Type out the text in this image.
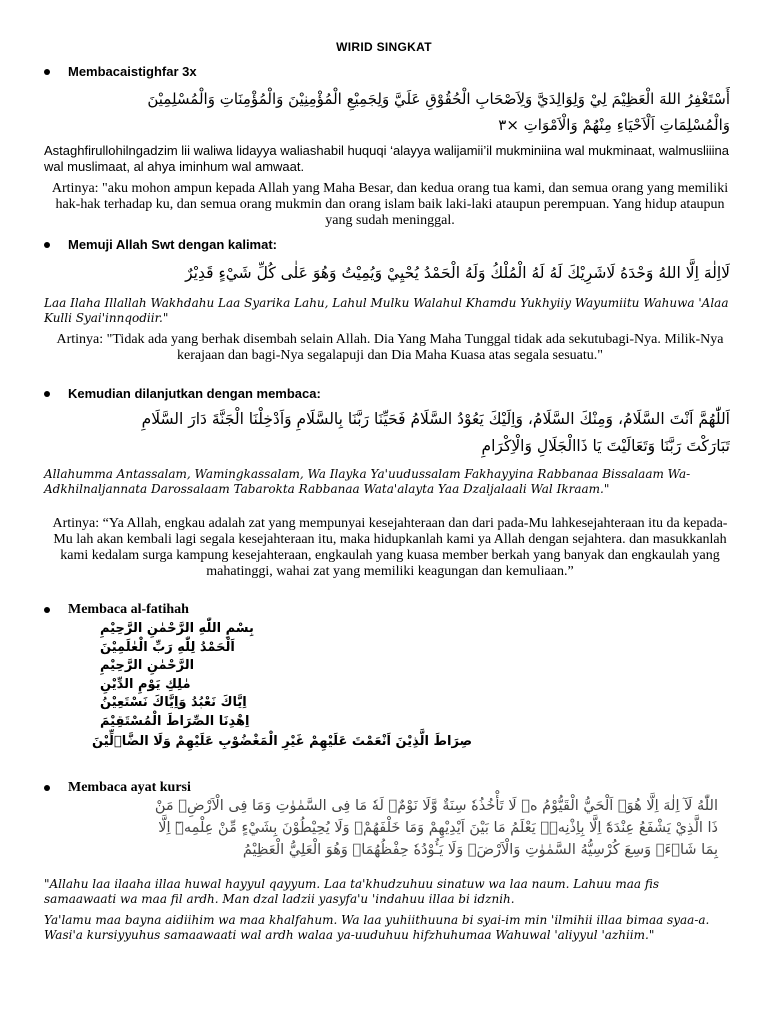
WIRID SINGKAT
Membacaistighfar 3x
أَسْتَغْفِرُ اللهَ الْعَظِيْمَ لِيْ وَلِوَالِدَيَّ وَلِاَصْحَابِ الْحُقُوْقِ عَلَيَّ وَلِجَمِيْعِ الْمُؤْمِنِيْنَ وَالْمُؤْمِنَاتِ وَالْمُسْلِمِيْنَ
وَالْمُسْلِمَاتِ اَلْاَحْيَاءِ مِنْهُمْ وَالْاَمْوَاتِ ×٣
Astaghfirullohilngadzim lii waliwa lidayya waliashabil huquqi ‘alayya walijamii’il mukminiina wal mukminaat, walmusliiina wal muslimaat, al ahya iminhum wal amwaat.
Artinya: "aku mohon ampun kepada Allah yang Maha Besar, dan kedua orang tua kami, dan semua orang yang memiliki hak-hak terhadap ku, dan semua orang mukmin dan orang islam baik laki-laki ataupun perempuan. Yang hidup ataupun yang sudah meninggal.
Memuji Allah Swt dengan kalimat:
لَااِلٰهَ اِلَّا اللهُ وَحْدَهُ لَاشَرِيْكَ لَهُ لَهُ الْمُلْكُ وَلَهُ الْحَمْدُ يُحْيِيْ وَيُمِيْتُ وَهُوَ عَلٰى كُلِّ شَيْءٍ قَدِيْرٌ
Laa Ilaha Illallah Wakhdahu Laa Syarika Lahu, Lahul Mulku Walahul Khamdu Yukhyiiy Wayumiitu Wahuwa 'Alaa Kulli Syai'innqodiir."
Artinya: "Tidak ada yang berhak disembah selain Allah. Dia Yang Maha Tunggal tidak ada sekutubagi-Nya. Milik-Nya kerajaan dan bagi-Nya segalapuji dan Dia Maha Kuasa atas segala sesuatu."
Kemudian dilanjutkan dengan membaca:
اَللّٰهُمَّ اَنْتَ السَّلَامُ، وَمِنْكَ السَّلَامُ، وَاِلَيْكَ يَعُوْدُ السَّلَامُ فَحَيِّنَا رَبَّنَا بِالسَّلَامِ وَاَدْخِلْنَا الْجَنَّةَ دَارَ السَّلَامِ
تَبَارَكْتَ رَبَّنَا وَتَعَالَيْتَ يَا ذَاالْجَلَالِ وَالْاِكْرَامِ
Allahumma Antassalam, Wamingkassalam, Wa Ilayka Ya'uudussalam Fakhayyina Rabbanaa Bissalaam Wa-Adkhilnaljannata Darossalaam Tabarokta Rabbanaa Wata'alayta Yaa Dzaljalaali Wal Ikraam."
Artinya: “Ya Allah, engkau adalah zat yang mempunyai kesejahteraan dan dari pada-Mu lahkesejahteraan itu da kepada-Mu lah akan kembali lagi segala kesejahteraan itu, maka hidupkanlah kami ya Allah dengan sejahtera. dan masukkanlah kami kedalam surga kampung kesejahteraan, engkaulah yang kuasa member berkah yang banyak dan engkaulah yang mahatinggi, wahai zat yang memiliki keagungan dan kemuliaan.”
Membaca al-fatihah
بِسْمِ اللّٰهِ الرَّحْمٰنِ الرَّحِيْمِ
اَلْحَمْدُ لِلّٰهِ رَبِّ الْعٰلَمِيْنَ
الرَّحْمٰنِ الرَّحِيْمِ
مٰلِكِ يَوْمِ الدِّيْنِ
اِيَّاكَ نَعْبُدُ وَاِيَّاكَ نَسْتَعِيْنُ
اِهْدِنَا الصِّرَاطَ الْمُسْتَقِيْمَ
صِرَاطَ الَّذِيْنَ اَنْعَمْتَ عَلَيْهِمْ غَيْرِ الْمَغْضُوْبِ عَلَيْهِمْ وَلَا الضَّاۤلِّيْنَ
Membaca ayat kursi
اللّٰهُ لَآ اِلٰهَ اِلَّا هُوَۚ اَلْحَيُّ الْقَيُّوْمُ ەۚ لَا تَأْخُذُهٗ سِنَةٌ وَّلَا نَوْمٌۗ لَهٗ مَا فِى السَّمٰوٰتِ وَمَا فِى الْاَرْضِۗ مَنْ
ذَا الَّذِيْ يَشْفَعُ عِنْدَهٗٓ اِلَّا بِاِذْنِهٖۗ يَعْلَمُ مَا بَيْنَ اَيْدِيْهِمْ وَمَا خَلْفَهُمْۚ وَلَا يُحِيْطُوْنَ بِشَيْءٍ مِّنْ عِلْمِهٖٓ اِلَّا
بِمَا شَاۤءَۚ وَسِعَ كُرْسِيُّهُ السَّمٰوٰتِ وَالْاَرْضَۚ وَلَا يَـُٔوْدُهٗ حِفْظُهُمَاۚ وَهُوَ الْعَلِيُّ الْعَظِيْمُ
"Allahu laa ilaaha illaa huwal hayyul qayyum. Laa ta'khudzuhuu sinatuw wa laa naum. Lahuu maa fis samaawaati wa maa fil ardh. Man dzal ladzii yasyfa'u 'indahuu illaa bi idznih.
Ya'lamu maa bayna aidiihim wa maa khalfahum. Wa laa yuhiithuuna bi syai-im min 'ilmihii illaa bimaa syaa-a. Wasi'a kursiyyuhus samaawaati wal ardh walaa ya-uuduhuu hifzhuhumaa Wahuwal 'aliyyul 'azhiim."
